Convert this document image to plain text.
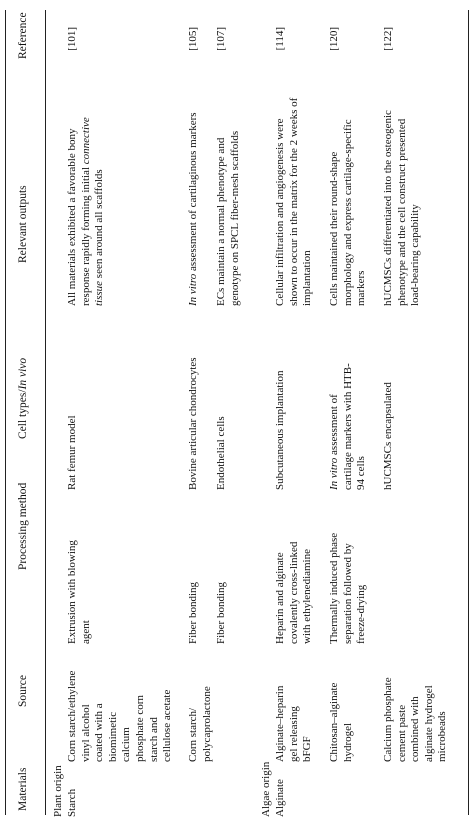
Materials
Source
Processing method
Cell types/In vivo
Relevant outputs
Reference
Plant origin	Algae origin
Starch	Alginate
Corn starch/ethylene vinyl alcohol coated with a biomimetic calcium phosphate corn starch and cellulose acetate
Extrusion with blowing agent
Rat femur model
All materials exhibited a favorable bony response rapidly forming initial connective tissue seen around all scaffolds
[101]
Corn starch/ polycaprolactone
Fiber bonding
Bovine articular chondrocytes
In vitro assessment of cartilaginous markers
[105]
Fiber bonding
Endothelial cells
ECs maintain a normal phenotype and genotype on SPCL fiber-mesh scaffolds
[107]
Alginate–heparin gel releasing bFGF
Heparin and alginate covalently cross-linked with ethylenediamine
Subcutaneous implantation
Cellular infiltration and angiogenesis were shown to occur in the matrix for the 2 weeks of implantation
[114]
Chitosan–alginate hydrogel
Thermally induced phase separation followed by freeze-drying
In vitro assessment of cartilage markers with HTB-94 cells
Cells maintained their round-shape morphology and express cartilage-specific markers
[120]
Calcium phosphate cement paste combined with alginate hydrogel microbeads
hUCMSCs encapsulated
hUCMSCs differentiated into the osteogenic phenotype and the cell construct presented load-bearing capability
[122]
